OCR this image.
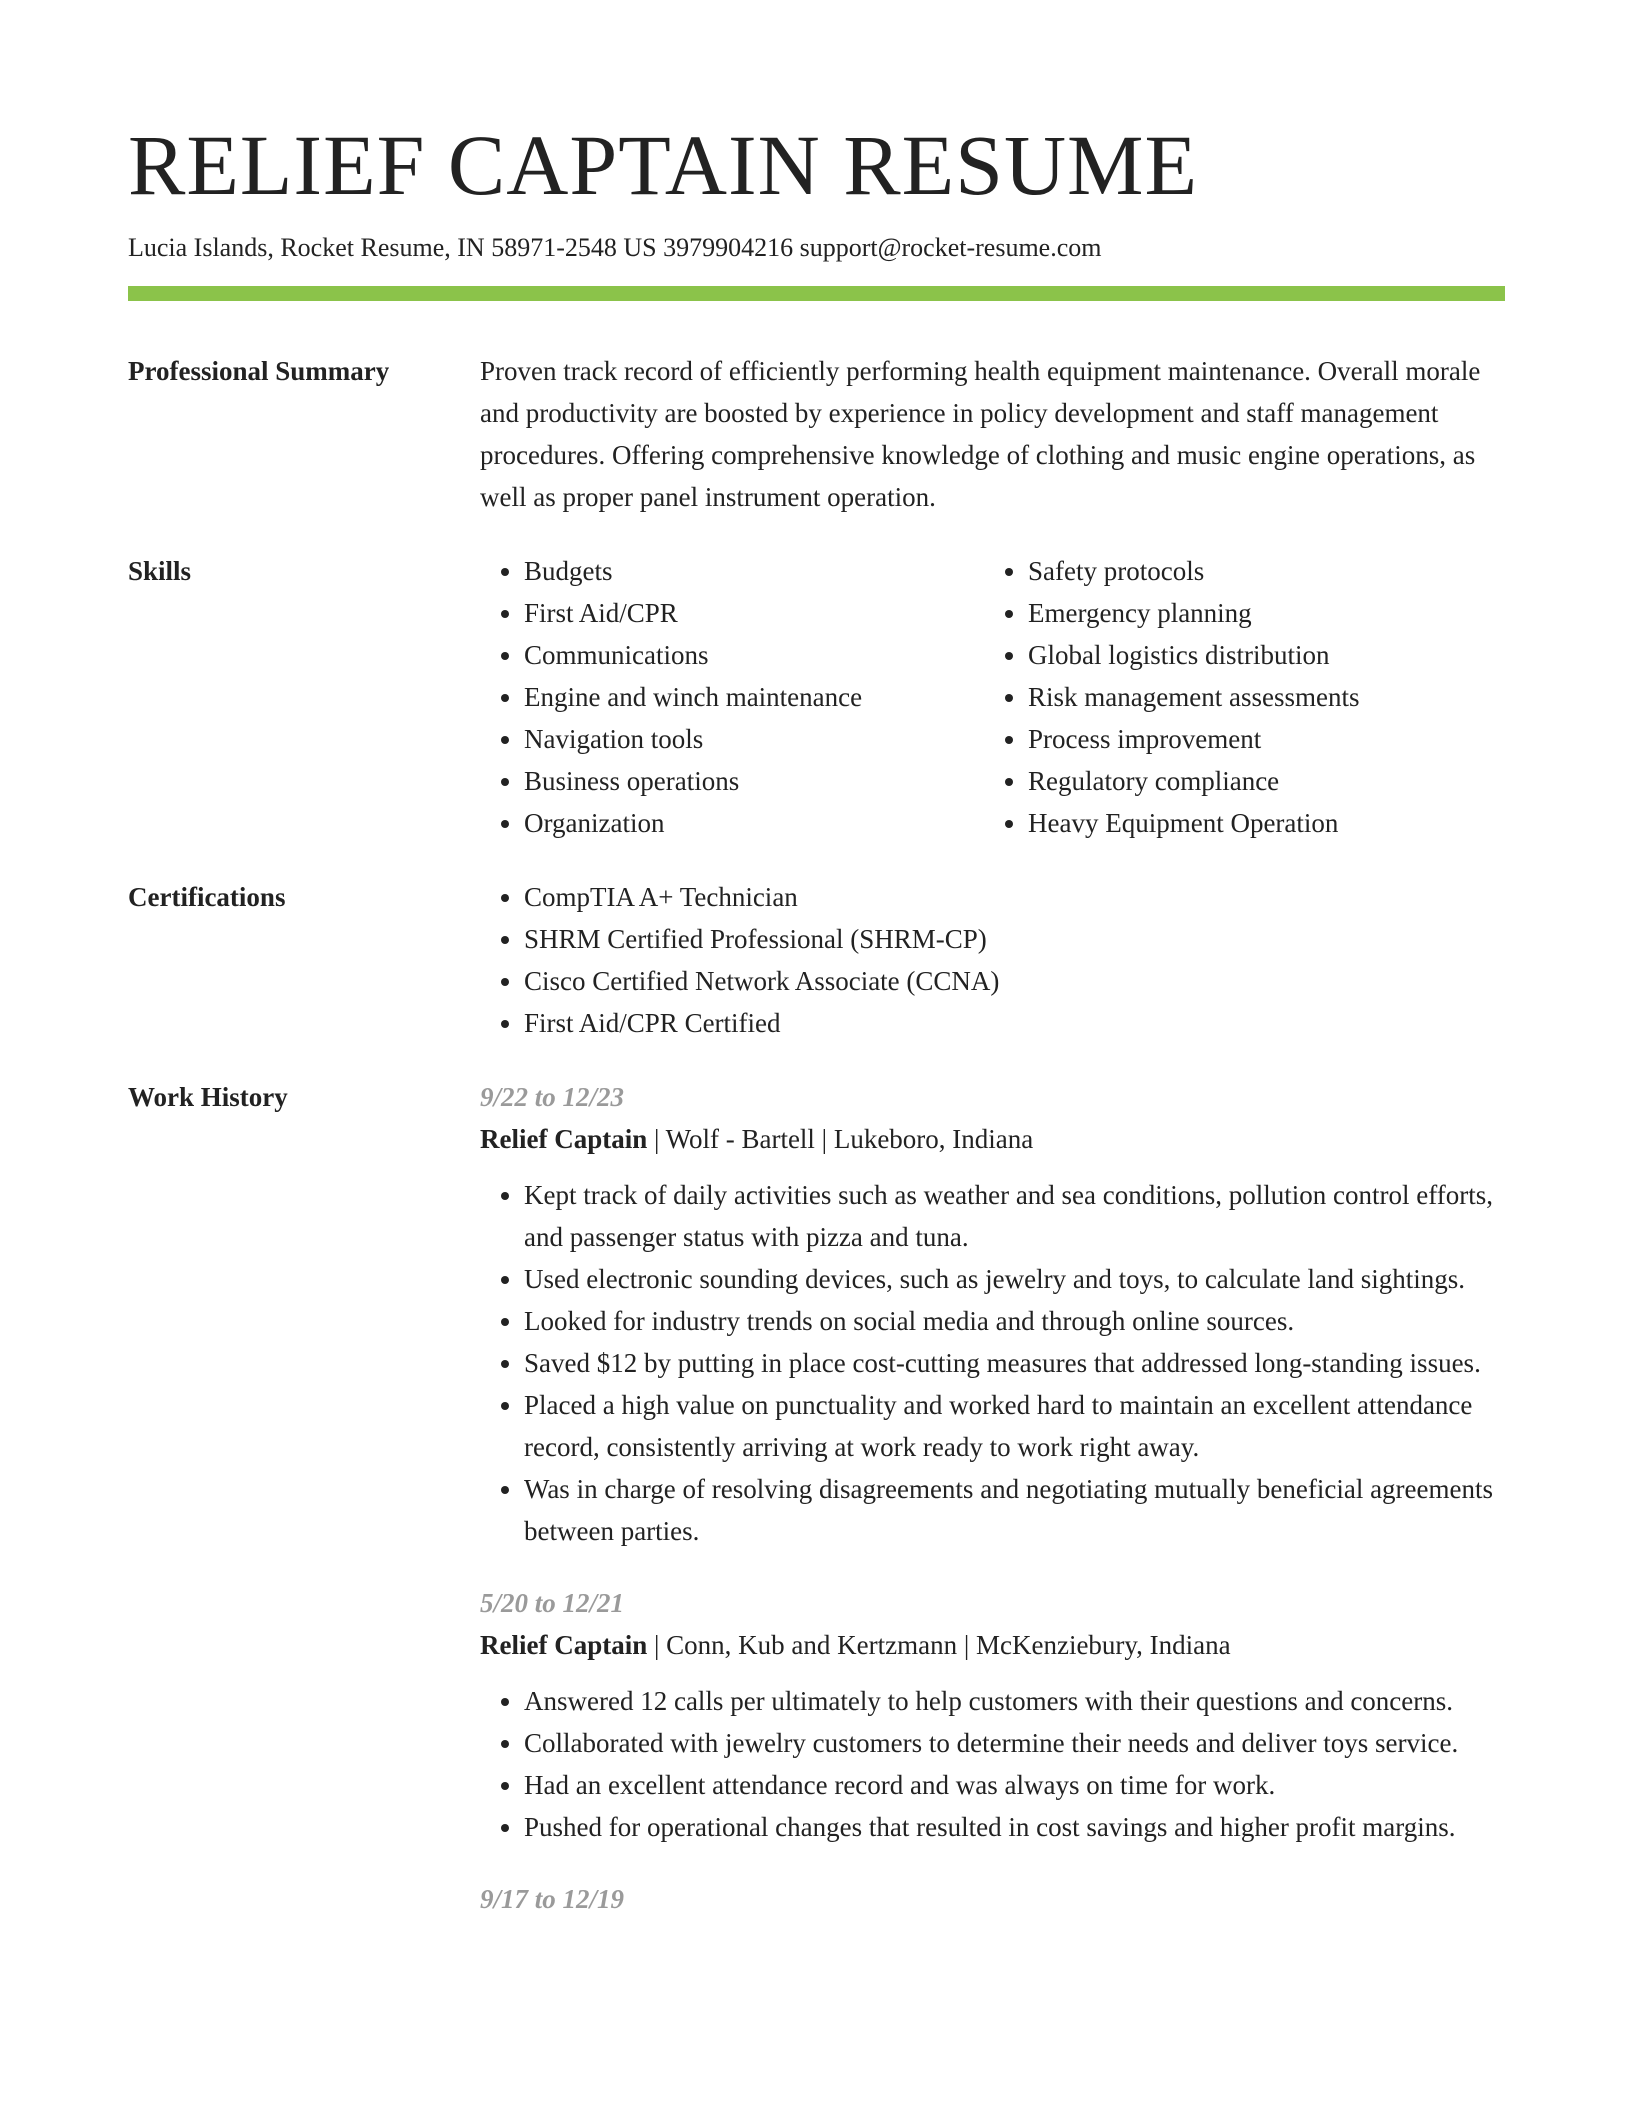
RELIEF CAPTAIN RESUME
Lucia Islands, Rocket Resume, IN 58971-2548 US 3979904216 support@rocket-resume.com
Professional Summary	Proven track record of efficiently performing health equipment maintenance. Overall morale and productivity are boosted by experience in policy development and staff management procedures. Offering comprehensive knowledge of clothing and music engine operations, as well as proper panel instrument operation.

Skills	• Budgets
• First Aid/CPR
• Communications
• Engine and winch maintenance
• Navigation tools
• Business operations
• Organization
• Safety protocols
• Emergency planning
• Global logistics distribution
• Risk management assessments
• Process improvement
• Regulatory compliance
• Heavy Equipment Operation
Certifications	• CompTIA A+ Technician
• SHRM Certified Professional (SHRM-CP)
• Cisco Certified Network Associate (CCNA)
• First Aid/CPR Certified
Work History	9/22 to 12/23
Relief Captain | Wolf - Bartell | Lukeboro, Indiana
• Kept track of daily activities such as weather and sea conditions, pollution control efforts, and passenger status with pizza and tuna.
• Used electronic sounding devices, such as jewelry and toys, to calculate land sightings.
• Looked for industry trends on social media and through online sources.
• Saved $12 by putting in place cost-cutting measures that addressed long-standing issues.
• Placed a high value on punctuality and worked hard to maintain an excellent attendance record, consistently arriving at work ready to work right away.
• Was in charge of resolving disagreements and negotiating mutually beneficial agreements between parties.
5/20 to 12/21
Relief Captain | Conn, Kub and Kertzmann | McKenziebury, Indiana
• Answered 12 calls per ultimately to help customers with their questions and concerns.
• Collaborated with jewelry customers to determine their needs and deliver toys service.
• Had an excellent attendance record and was always on time for work.
• Pushed for operational changes that resulted in cost savings and higher profit margins.
9/17 to 12/19
